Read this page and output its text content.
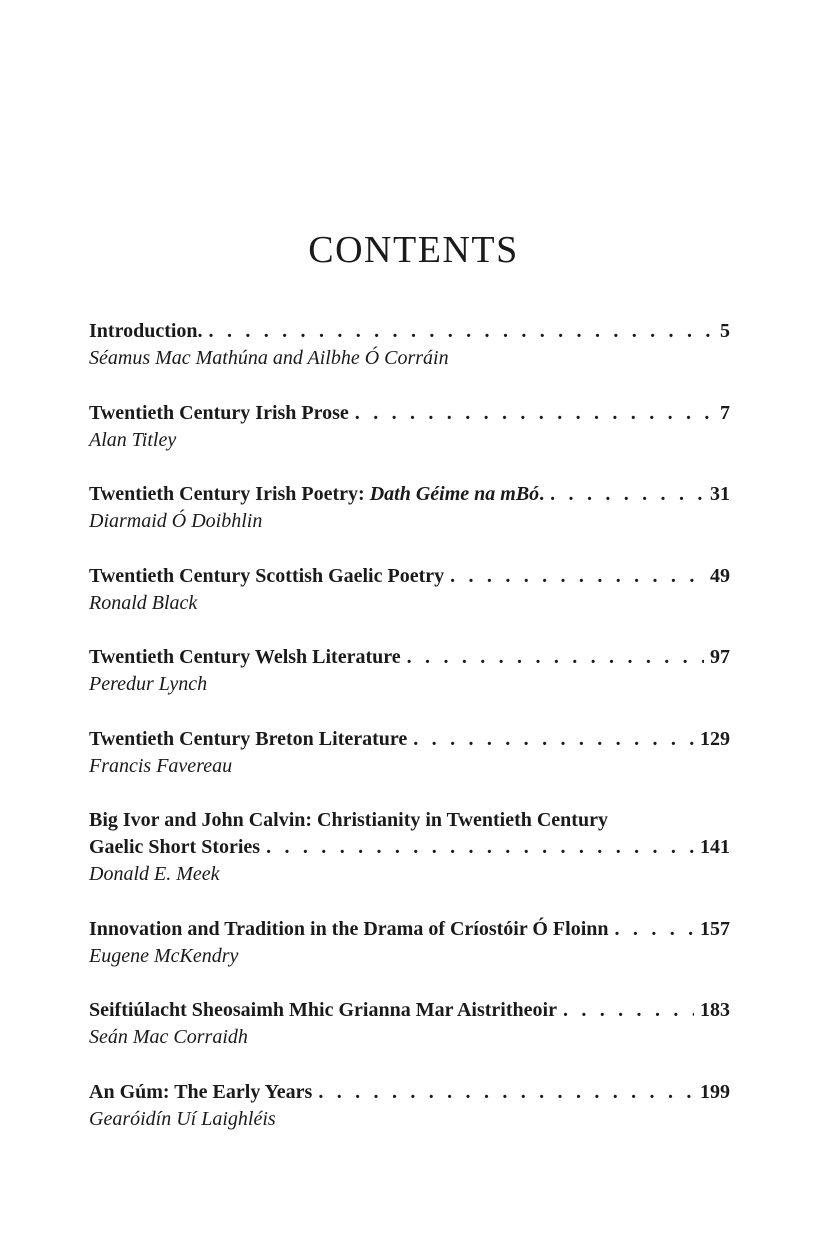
CONTENTS
Introduction. . . .	5
Séamus Mac Mathúna and Ailbhe Ó Corráin
Twentieth Century Irish Prose . . .	7
Alan Titley
Twentieth Century Irish Poetry: Dath Géime na mBó. . . .	31
Diarmaid Ó Doibhlin
Twentieth Century Scottish Gaelic Poetry . . .	49
Ronald Black
Twentieth Century Welsh Literature . . .	97
Peredur Lynch
Twentieth Century Breton Literature . . .	129
Francis Favereau
Big Ivor and John Calvin: Christianity in Twentieth Century
Gaelic Short Stories . . .	141
Donald E. Meek
Innovation and Tradition in the Drama of Críostóir Ó Floinn . . .	157
Eugene McKendry
Seiftiúlacht Sheosaimh Mhic Grianna Mar Aistritheoir . . .	183
Seán Mac Corraidh
An Gúm: The Early Years . . .	199
Gearóidín Uí Laighléis
